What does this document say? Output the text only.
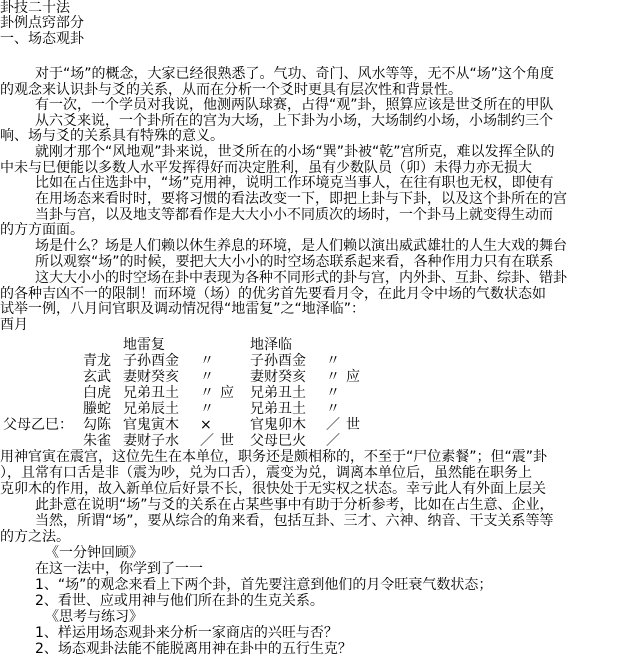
卦技二十法
卦例点窍部分
一、场态观卦
对于“场”的概念，大家已经很熟悉了。气功、奇门、风水等等，无不从“场”这个角度
的观念来认识卦与爻的关系，从而在分析一个爻时更具有层次性和背景性。
有一次，一个学员对我说，他测两队球赛，占得“观”卦，照算应该是世爻所在的甲队
从六爻来说，一个卦所在的宫为大场，上下卦为小场，大场制约小场，小场制约三个
响、场与爻的关系具有特殊的意义。
就刚才那个“风地观”卦来说，世爻所在的小场“巽”卦被“乾”宫所克，难以发挥全队的
中未与巳便能以多数人水平发挥得好而决定胜利，虽有少数队员（卯）未得力亦无损大
比如在占住选卦中，“场”克用神，说明工作环境克当事人，在往有职也无权，即使有
在用场态来看时时，要将习惯的看法改变一下，即把上卦与下卦，以及这个卦所在的宫
当卦与宫，以及地支等都看作是大大小小不同质次的场时，一个卦马上就变得生动而
的方方面面。
场是什么？场是人们赖以休生养息的环境，是人们赖以演出威武雄壮的人生大戏的舞台
所以观察“场”的时候，要把大大小小的时空场态联系起来看，各种作用力只有在联系
这大大小小的时空场在卦中表现为各种不同形式的卦与宫，内外卦、互卦、综卦、错卦
的各种吉凶不一的限制！而环境（场）的优劣首先要看月令，在此月令中场的气数状态如
试举一例，八月问官职及调动情况得“地雷复”之“地泽临”：
酉月
地雷复	地泽临
青龙 子孙酉金 〃	子孙酉金 〃
玄武 妻财癸亥 〃	妻财癸亥 〃 应
白虎 兄弟丑土 〃 应 兄弟丑土 〃
螣蛇 兄弟辰土 〃	兄弟丑土 〃
父母乙巳： 勾陈 官鬼寅木 ×	官鬼卯木 ／ 世
朱雀 妻财子水 ／ 世 父母巳火 ／
用神官寅在震宫，这位先生在本单位，职务还是颇相称的，不至于“尸位素餐”；但“震”卦
），且常有口舌是非（震为吵，兑为口舌），震变为兑，调离本单位后，虽然能在职务上
克卯木的作用，故入新单位后好景不长，很快处于无实权之状态。幸亏此人有外面上层关
此卦意在说明“场”与爻的关系在占某些事中有助于分析参考，比如在占生意、企业，
当然，所谓“场”，要从综合的角来看，包括互卦、三才、六神、纳音、干支关系等等
的方之法。
《一分钟回顾》
在这一法中，你学到了一一
1、“场”的观念来看上下两个卦，首先要注意到他们的月令旺衰气数状态；
2、看世、应或用神与他们所在卦的生克关系。
《思考与练习》
1、样运用场态观卦来分析一家商店的兴旺与否？
2、场态观卦法能不能脱离用神在卦中的五行生克？
